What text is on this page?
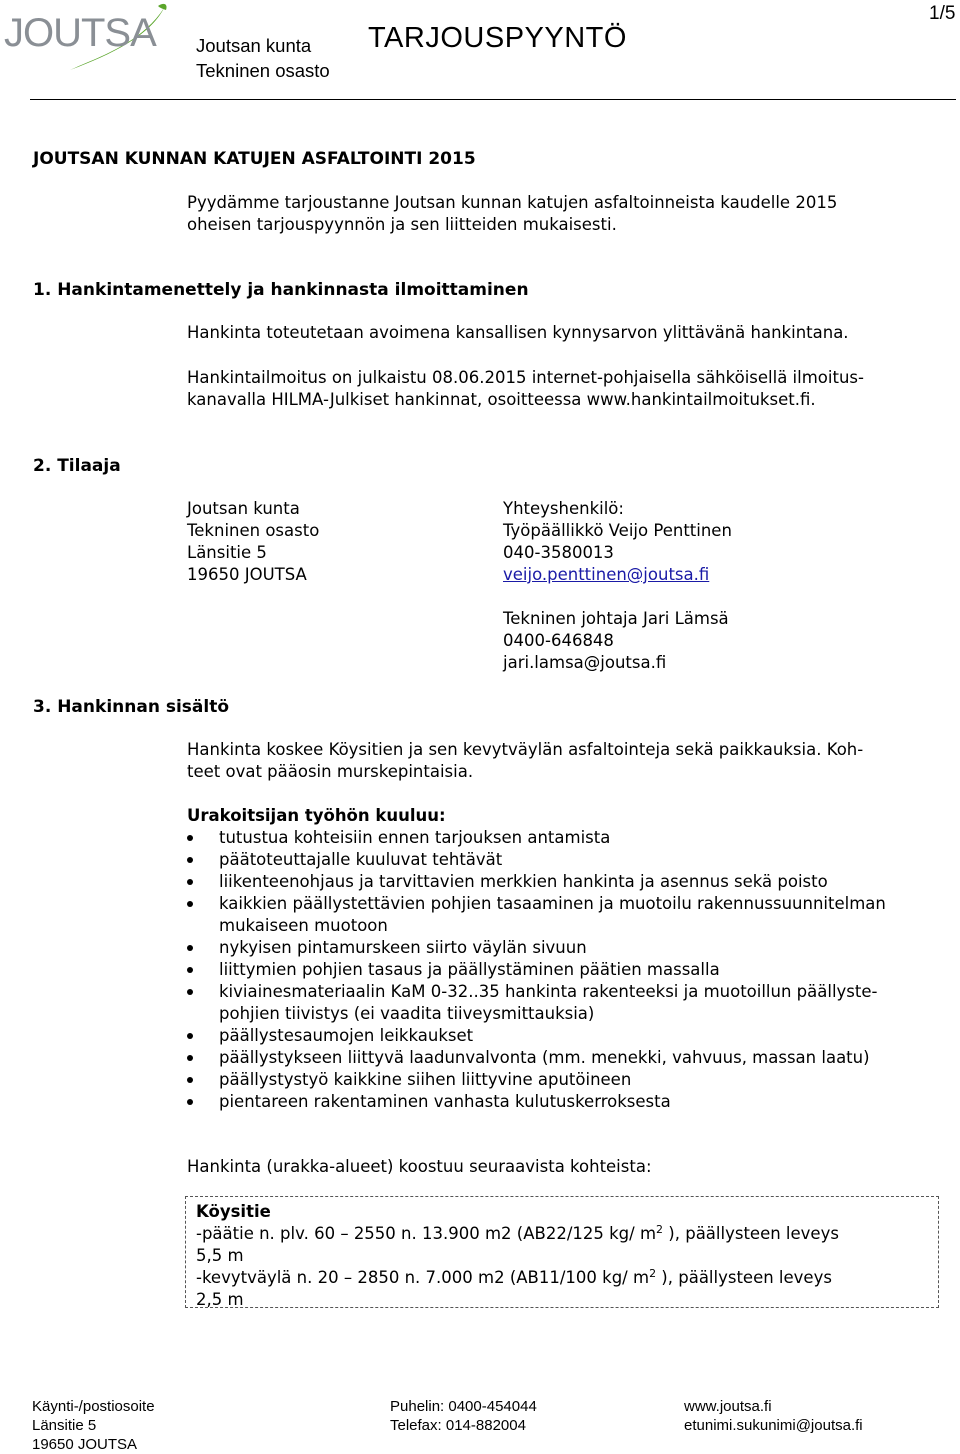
JOUTSA Joutsan kunta
Tekninen osasto
TARJOUSPYYNTÖ
1/5
JOUTSAN KUNNAN KATUJEN ASFALTOINTI 2015
Pyydämme tarjoustanne Joutsan kunnan katujen asfaltoinneista kaudelle 2015
oheisen tarjouspyynnön ja sen liitteiden mukaisesti.
1. Hankintamenettely ja hankinnasta ilmoittaminen
Hankinta toteutetaan avoimena kansallisen kynnysarvon ylittävänä hankintana.
Hankintailmoitus on julkaistu 08.06.2015 internet-pohjaisella sähköisellä ilmoitus-
kanavalla HILMA-Julkiset hankinnat, osoitteessa www.hankintailmoitukset.fi.
2. Tilaaja
Joutsan kunta
Tekninen osasto
Länsitie 5
19650 JOUTSA
Yhteyshenkilö:
Työpäällikkö Veijo Penttinen
040-3580013
veijo.penttinen@joutsa.fi
Tekninen johtaja Jari Lämsä
0400-646848
jari.lamsa@joutsa.fi
3. Hankinnan sisältö
Hankinta koskee Köysitien ja sen kevytväylän asfaltointeja sekä paikkauksia. Koh-
teet ovat pääosin murskepintaisia.
Urakoitsijan työhön kuuluu:
tutustua kohteisiin ennen tarjouksen antamista
päätoteuttajalle kuuluvat tehtävät
liikenteenohjaus ja tarvittavien merkkien hankinta ja asennus sekä poisto
kaikkien päällystettävien pohjien tasaaminen ja muotoilu rakennussuunnitelman
mukaiseen muotoon
nykyisen pintamurskeen siirto väylän sivuun
liittymien pohjien tasaus ja päällystäminen päätien massalla
kiviainesmateriaalin KaM 0-32..35 hankinta rakenteeksi ja muotoillun päällyste-
pohjien tiivistys (ei vaadita tiiveysmittauksia)
päällystesaumojen leikkaukset
päällystykseen liittyvä laadunvalvonta (mm. menekki, vahvuus, massan laatu)
päällystystyö kaikkine siihen liittyvine aputöineen
pientareen rakentaminen vanhasta kulutuskerroksesta
Hankinta (urakka-alueet) koostuu seuraavista kohteista:
Köysitie
-päätie n. plv. 60 – 2550 n. 13.900 m2 (AB22/125 kg/ $m^2$ ), päällysteen leveys
5,5 m
-kevytväylä n. 20 – 2850 n. 7.000 m2 (AB11/100 kg/ $m^2$ ), päällysteen leveys
2,5 m
Käynti-/postiosoite
Länsitie 5
19650 JOUTSA
Puhelin: 0400-454044
Telefax: 014-882004
www.joutsa.fi
etunimi.sukunimi@joutsa.fi
